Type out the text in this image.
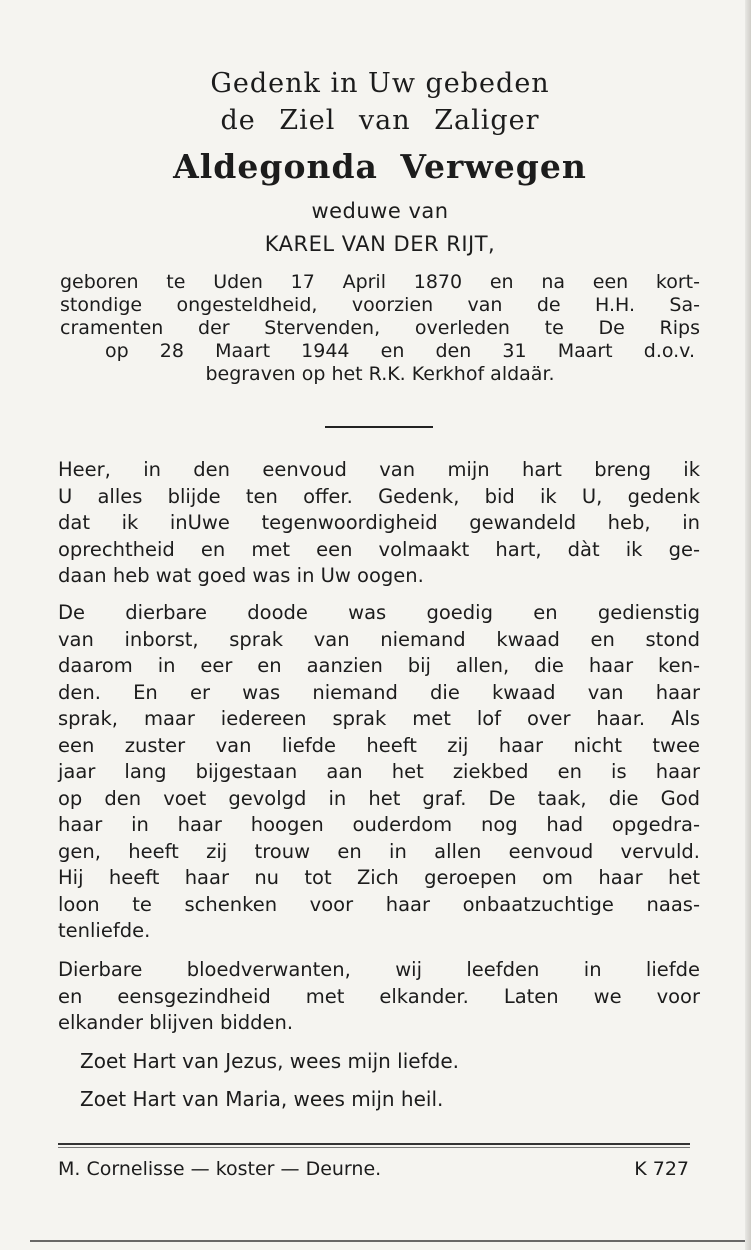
Gedenk in Uw gebeden
de Ziel van Zaliger
Aldegonda Verwegen
weduwe van
KAREL VAN DER RIJT,
geboren te Uden 17 April 1870 en na een kort-
stondige ongesteldheid, voorzien van de H.H. Sa-
cramenten der Stervenden, overleden te De Rips
op 28 Maart 1944 en den 31 Maart d.o.v.
begraven op het R.K. Kerkhof aldaär.
Heer, in den eenvoud van mijn hart breng ik
U alles blijde ten offer. Gedenk, bid ik U, gedenk
dat ik inUwe tegenwoordigheid gewandeld heb, in
oprechtheid en met een volmaakt hart, dàt ik ge-
daan heb wat goed was in Uw oogen.
De dierbare doode was goedig en gedienstig
van inborst, sprak van niemand kwaad en stond
daarom in eer en aanzien bij allen, die haar ken-
den. En er was niemand die kwaad van haar
sprak, maar iedereen sprak met lof over haar. Als
een zuster van liefde heeft zij haar nicht twee
jaar lang bijgestaan aan het ziekbed en is haar
op den voet gevolgd in het graf. De taak, die God
haar in haar hoogen ouderdom nog had opgedra-
gen, heeft zij trouw en in allen eenvoud vervuld.
Hij heeft haar nu tot Zich geroepen om haar het
loon te schenken voor haar onbaatzuchtige naas-
tenliefde.
Dierbare bloedverwanten, wij leefden in liefde
en eensgezindheid met elkander. Laten we voor
elkander blijven bidden.
Zoet Hart van Jezus, wees mijn liefde.
Zoet Hart van Maria, wees mijn heil.
M. Cornelisse — koster — Deurne.	K 727
